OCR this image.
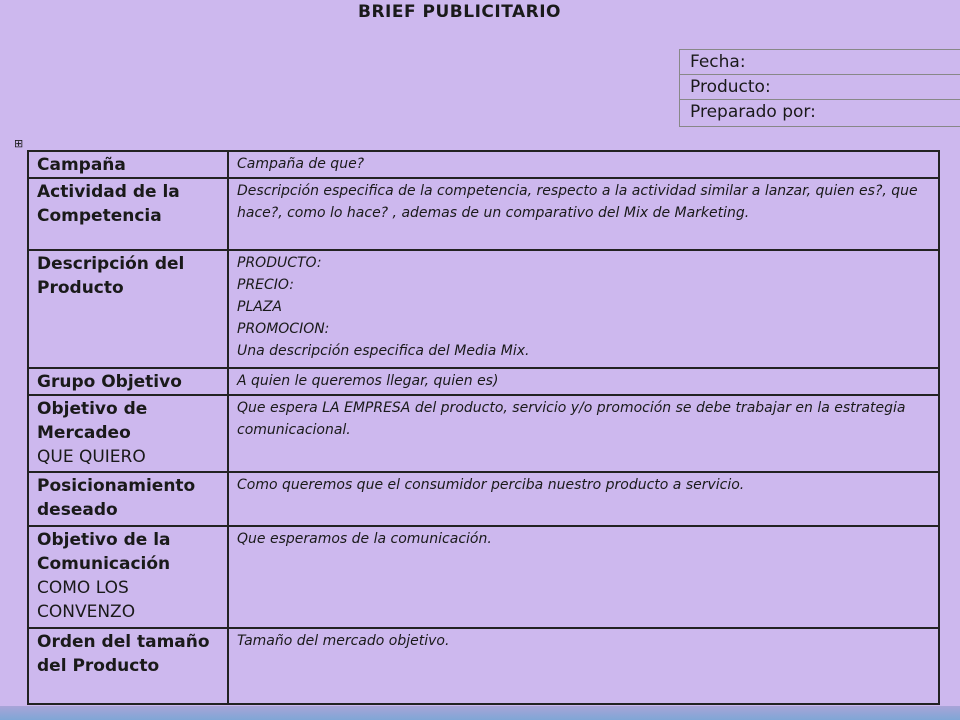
BRIEF PUBLICITARIO
Fecha:
Producto:
Preparado por:
⊞
Campaña	Campaña de que?

Actividad de la Competencia	Descripción especifica de la competencia, respecto a la actividad similar a lanzar, quien es?, que hace?, como lo hace? , ademas de un comparativo del Mix de Marketing.

Descripción del Producto	PRODUCTO:
PRECIO:
PLAZA
PROMOCION:
Una descripción especifica del Media Mix.

Grupo Objetivo	A quien le queremos llegar, quien es)

Objetivo de Mercadeo
QUE QUIERO	Que espera LA EMPRESA del producto, servicio y/o promoción se debe trabajar en la estrategia comunicacional.

Posicionamiento deseado	Como queremos que el consumidor perciba nuestro producto a servicio.

Objetivo de la Comunicación
COMO LOS CONVENZO	Que esperamos de la comunicación.

Orden del tamaño del Producto	Tamaño del mercado objetivo.
